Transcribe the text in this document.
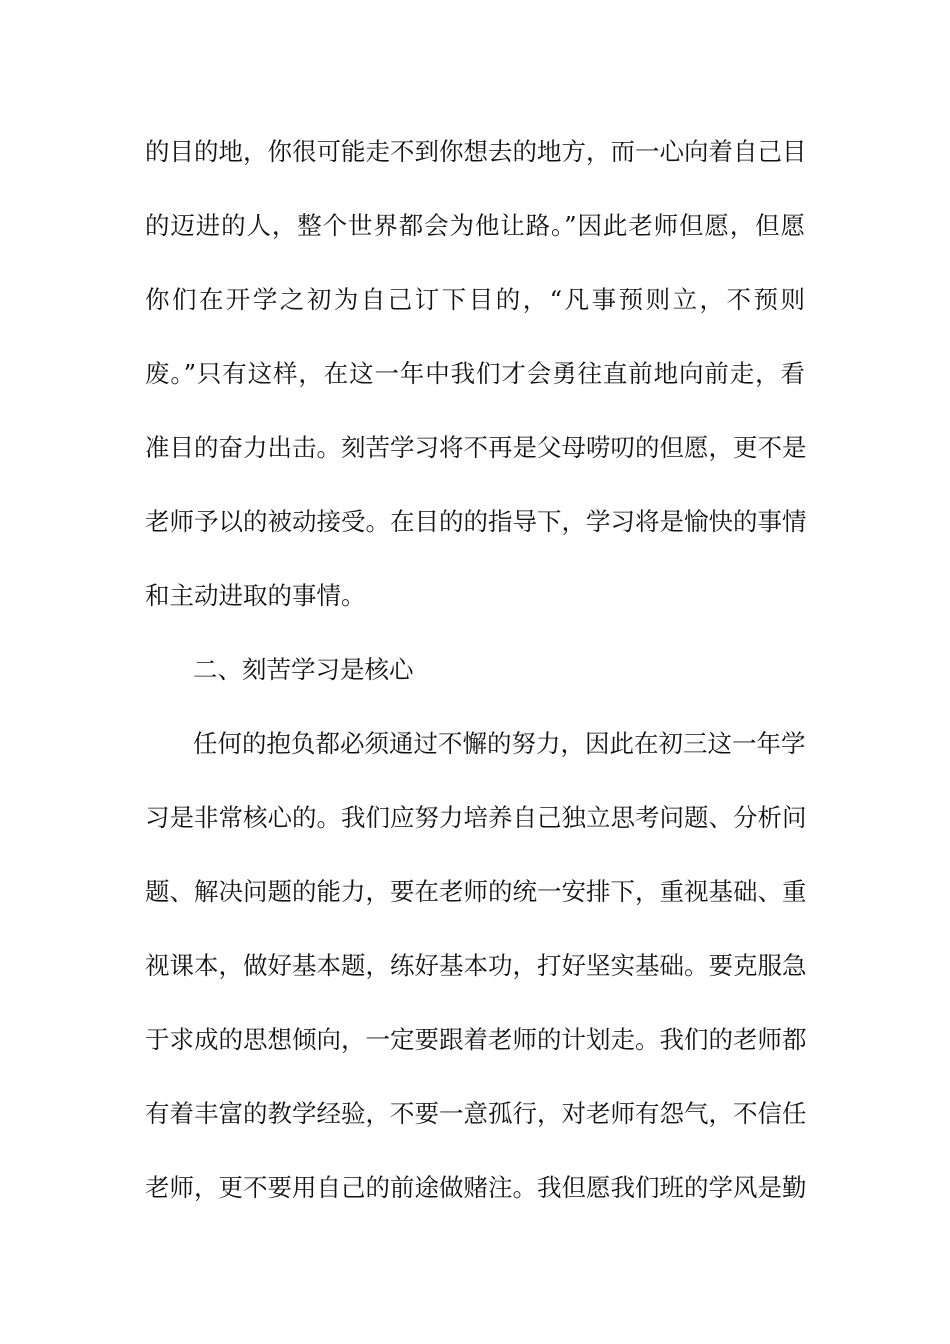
的目的地，你很可能走不到你想去的地方，而一心向着自己目
的迈进的人，整个世界都会为他让路。”因此老师但愿，但愿
你们在开学之初为自己订下目的，“凡事预则立，不预则
废。”只有这样，在这一年中我们才会勇往直前地向前走，看
准目的奋力出击。刻苦学习将不再是父母唠叨的但愿，更不是
老师予以的被动接受。在目的的指导下，学习将是愉快的事情
和主动进取的事情。
二、刻苦学习是核心
任何的抱负都必须通过不懈的努力，因此在初三这一年学
习是非常核心的。我们应努力培养自己独立思考问题、分析问
题、解决问题的能力，要在老师的统一安排下，重视基础、重
视课本，做好基本题，练好基本功，打好坚实基础。要克服急
于求成的思想倾向，一定要跟着老师的计划走。我们的老师都
有着丰富的教学经验，不要一意孤行，对老师有怨气，不信任
老师，更不要用自己的前途做赌注。我但愿我们班的学风是勤
